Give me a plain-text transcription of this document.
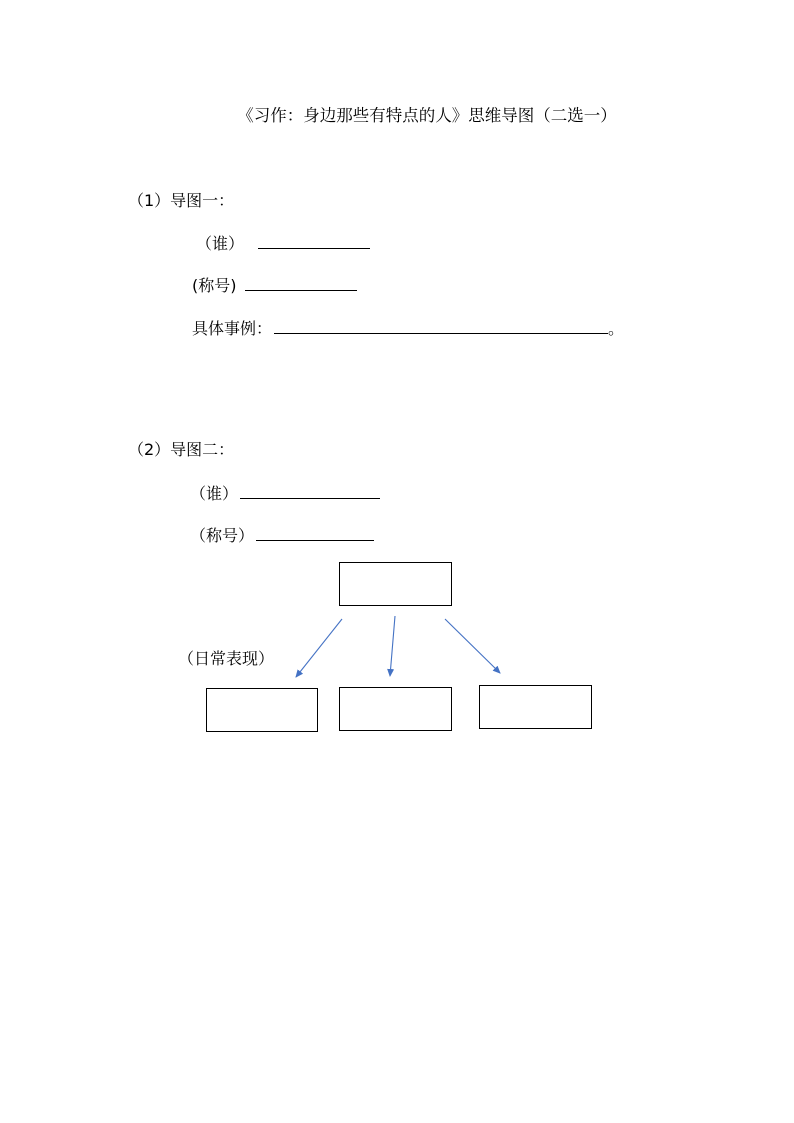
《习作：身边那些有特点的人》思维导图（二选一）
（1）导图一：
（谁）
(称号)
具体事例：	。
（2）导图二：
（谁）
（称号）
（日常表现）
